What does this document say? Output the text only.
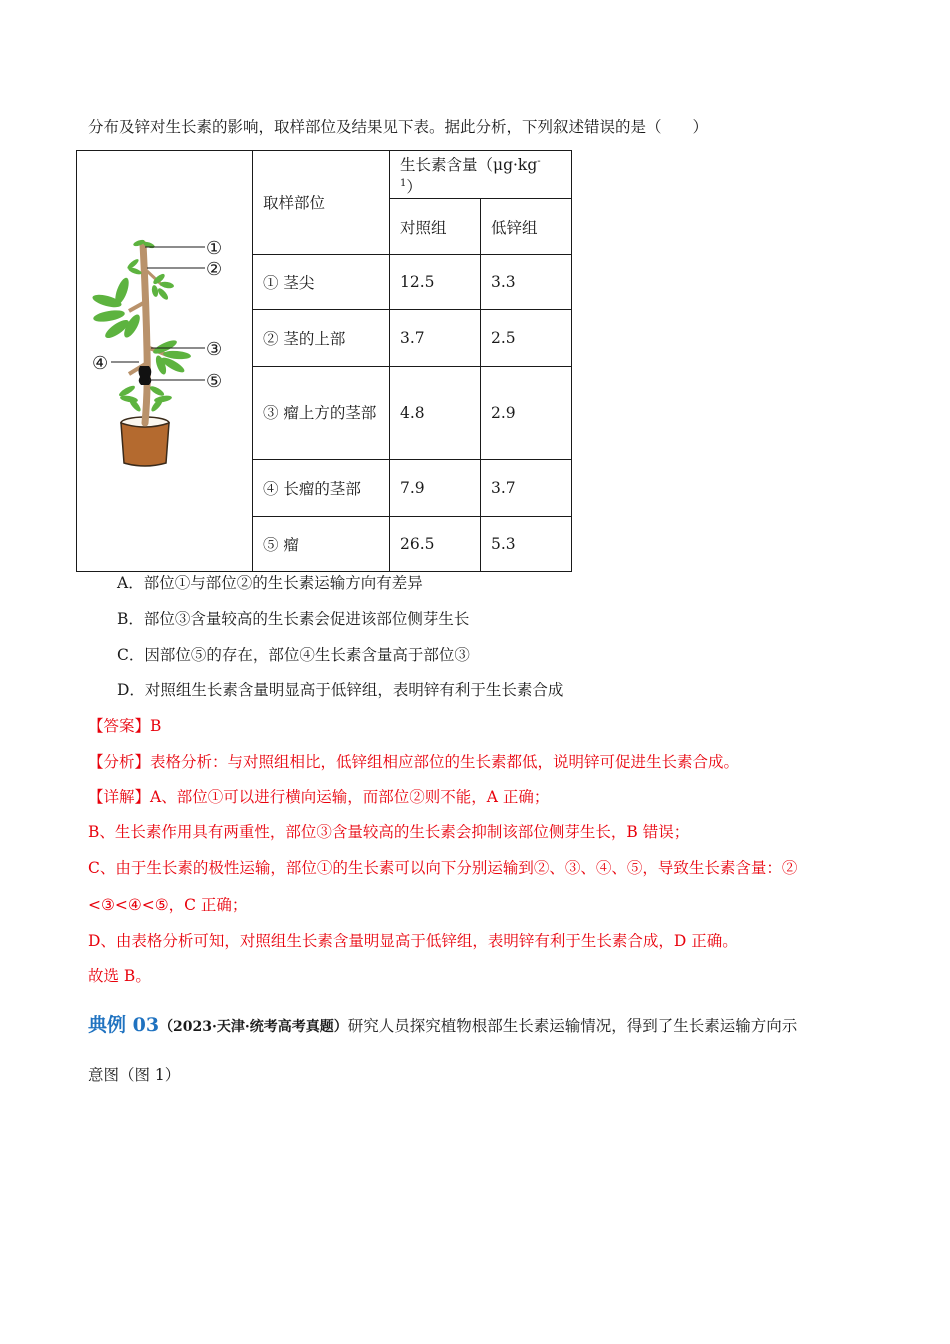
分布及锌对生长素的影响，取样部位及结果见下表。据此分析，下列叙述错误的是（　　）
①
②
③
④
⑤	取样部位	生长素含量$(\mu g\cdot kg^{-1})$	
		对照组	低锌组
	① 茎尖	12.5	3.3
	② 茎的上部	3.7	2.5
	③ 瘤上方的茎部	4.8	2.9
	④ 长瘤的茎部	7.9	3.7
	⑤ 瘤	26.5	5.3
A．部位①与部位②的生长素运输方向有差异
B．部位③含量较高的生长素会促进该部位侧芽生长
C．因部位⑤的存在，部位④生长素含量高于部位③
D．对照组生长素含量明显高于低锌组，表明锌有利于生长素合成
【答案】B
【分析】表格分析：与对照组相比，低锌组相应部位的生长素都低，说明锌可促进生长素合成。
【详解】A、部位①可以进行横向运输，而部位②则不能，A 正确；
B、生长素作用具有两重性，部位③含量较高的生长素会抑制该部位侧芽生长，B 错误；
C、由于生长素的极性运输，部位①的生长素可以向下分别运输到②、③、④、⑤，导致生长素含量：②
<③<④<⑤，C 正确；
D、由表格分析可知，对照组生长素含量明显高于低锌组，表明锌有利于生长素合成，D 正确。
故选 B。
典例 03（2023·天津·统考高考真题）研究人员探究植物根部生长素运输情况，得到了生长素运输方向示
意图（图 1）
